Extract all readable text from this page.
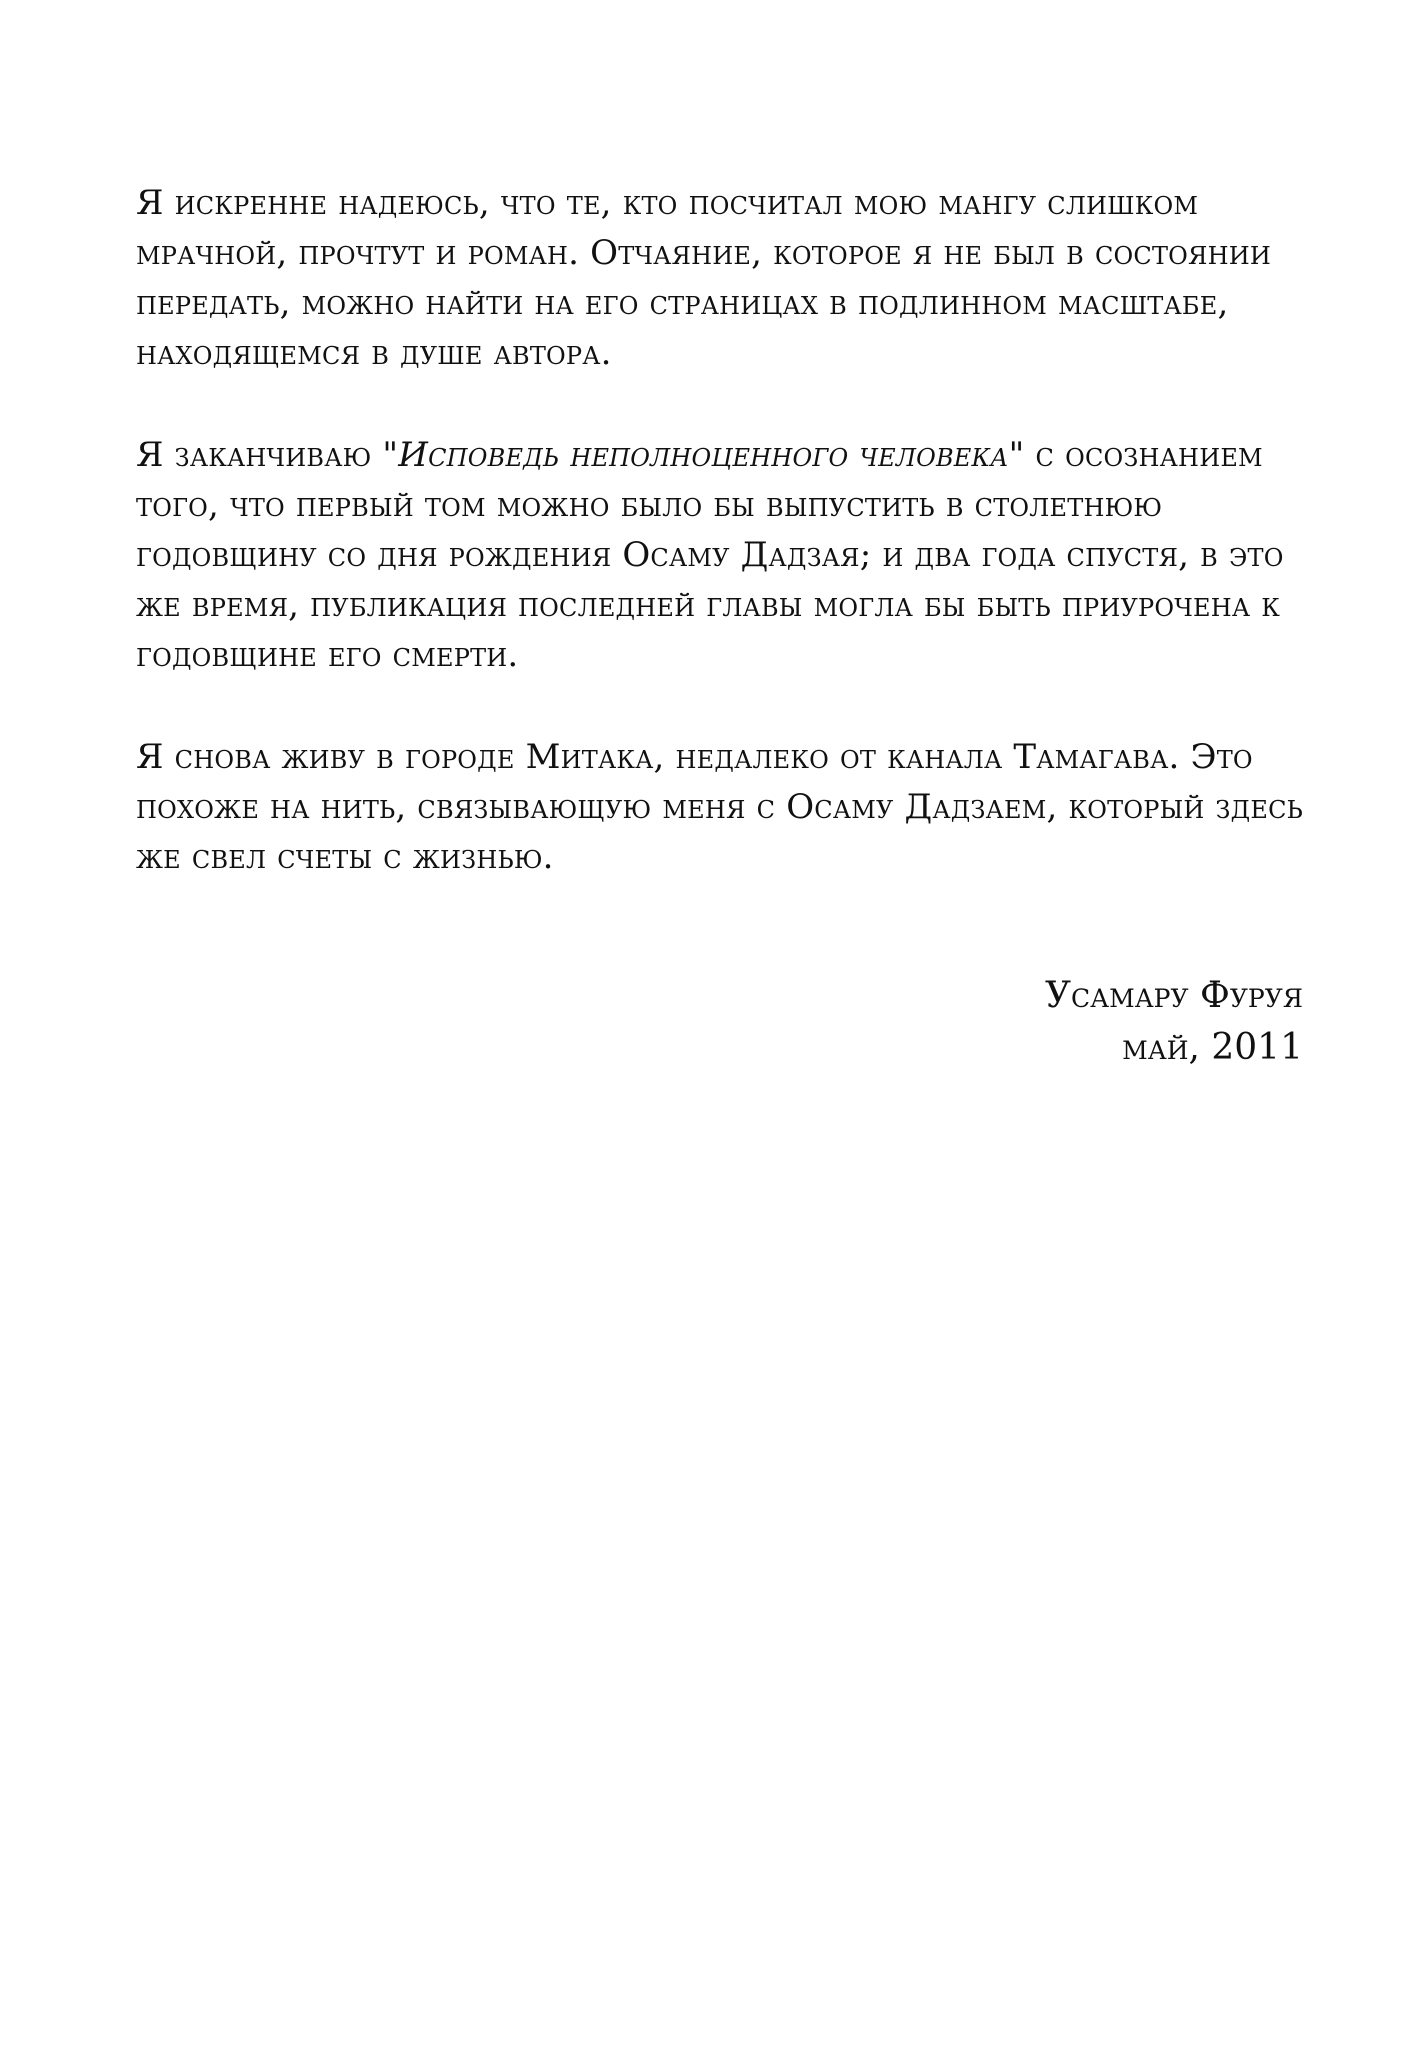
Я искренне надеюсь, что те, кто посчитал мою мангу слишком
мрачной, прочтут и роман. Отчаяние, которое я не был в состоянии
передать, можно найти на его страницах в подлинном масштабе,
находящемся в душе автора.

Я заканчиваю "Исповедь неполноценного человека" с осознанием
того, что первый том можно было бы выпустить в столетнюю
годовщину со дня рождения Осаму Дадзая; и два года спустя, в это
же время, публикация последней главы могла бы быть приурочена к
годовщине его смерти.

Я снова живу в городе Митака, недалеко от канала Тамагава. Это
похоже на нить, связывающую меня с Осаму Дадзаем, который здесь
же свел счеты с жизнью.

Усамару Фуруя
май, 2011
